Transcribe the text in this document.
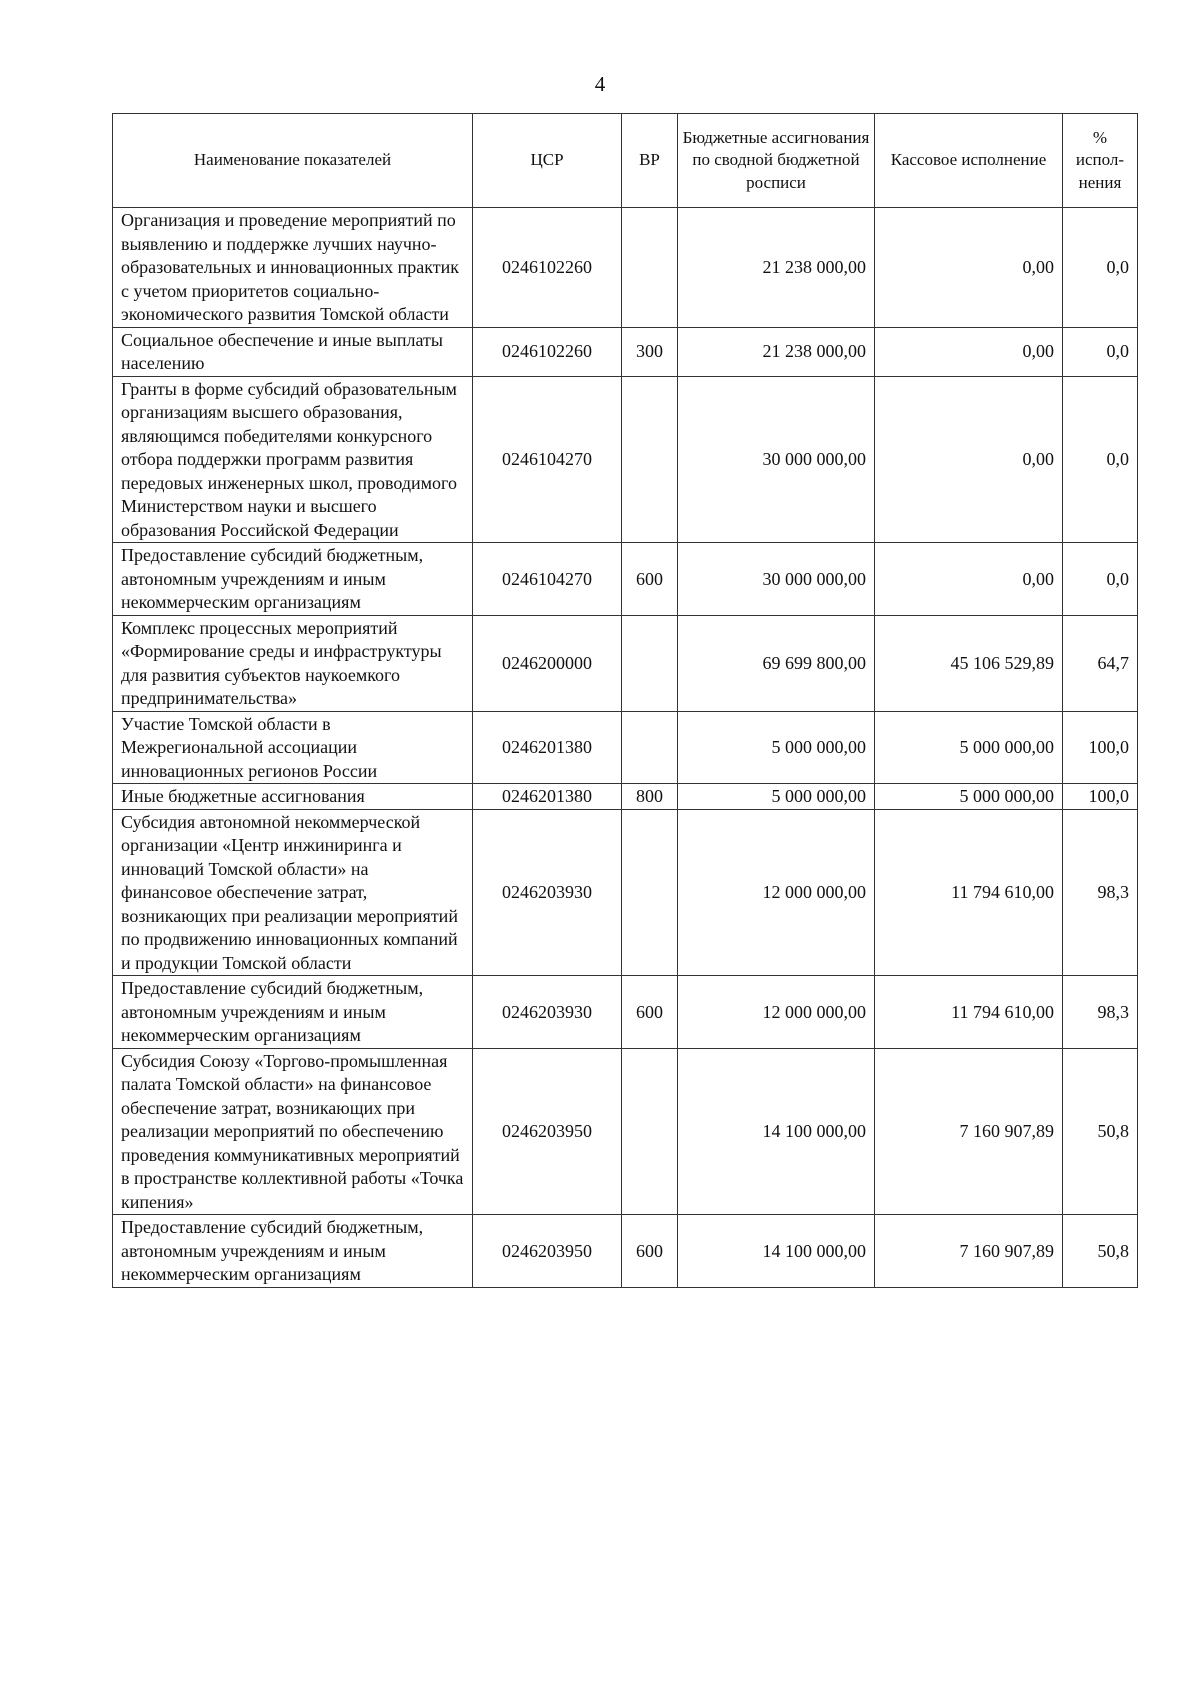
4
Наименование показателей	ЦСР	ВР	Бюджетные ассигнования по сводной бюджетной росписи	Кассовое исполнение	% испол-нения
Организация и проведение мероприятий по выявлению и поддержке лучших научно-образовательных и инновационных практик с учетом приоритетов социально-экономического развития Томской области	0246102260		21 238 000,00	0,00	0,0
Социальное обеспечение и иные выплаты населению	0246102260	300	21 238 000,00	0,00	0,0
Гранты в форме субсидий образовательным организациям высшего образования, являющимся победителями конкурсного отбора поддержки программ развития передовых инженерных школ, проводимого Министерством науки и высшего образования Российской Федерации	0246104270		30 000 000,00	0,00	0,0
Предоставление субсидий бюджетным, автономным учреждениям и иным некоммерческим организациям	0246104270	600	30 000 000,00	0,00	0,0
Комплекс процессных мероприятий «Формирование среды и инфраструктуры для развития субъектов наукоемкого предпринимательства»	0246200000		69 699 800,00	45 106 529,89	64,7
Участие Томской области в Межрегиональной ассоциации инновационных регионов России	0246201380		5 000 000,00	5 000 000,00	100,0
Иные бюджетные ассигнования	0246201380	800	5 000 000,00	5 000 000,00	100,0
Субсидия автономной некоммерческой организации «Центр инжиниринга и инноваций Томской области» на финансовое обеспечение затрат, возникающих при реализации мероприятий по продвижению инновационных компаний и продукции Томской области	0246203930		12 000 000,00	11 794 610,00	98,3
Предоставление субсидий бюджетным, автономным учреждениям и иным некоммерческим организациям	0246203930	600	12 000 000,00	11 794 610,00	98,3
Субсидия Союзу «Торгово-промышленная палата Томской области» на финансовое обеспечение затрат, возникающих при реализации мероприятий по обеспечению проведения коммуникативных мероприятий в пространстве коллективной работы «Точка кипения»	0246203950		14 100 000,00	7 160 907,89	50,8
Предоставление субсидий бюджетным, автономным учреждениям и иным некоммерческим организациям	0246203950	600	14 100 000,00	7 160 907,89	50,8
